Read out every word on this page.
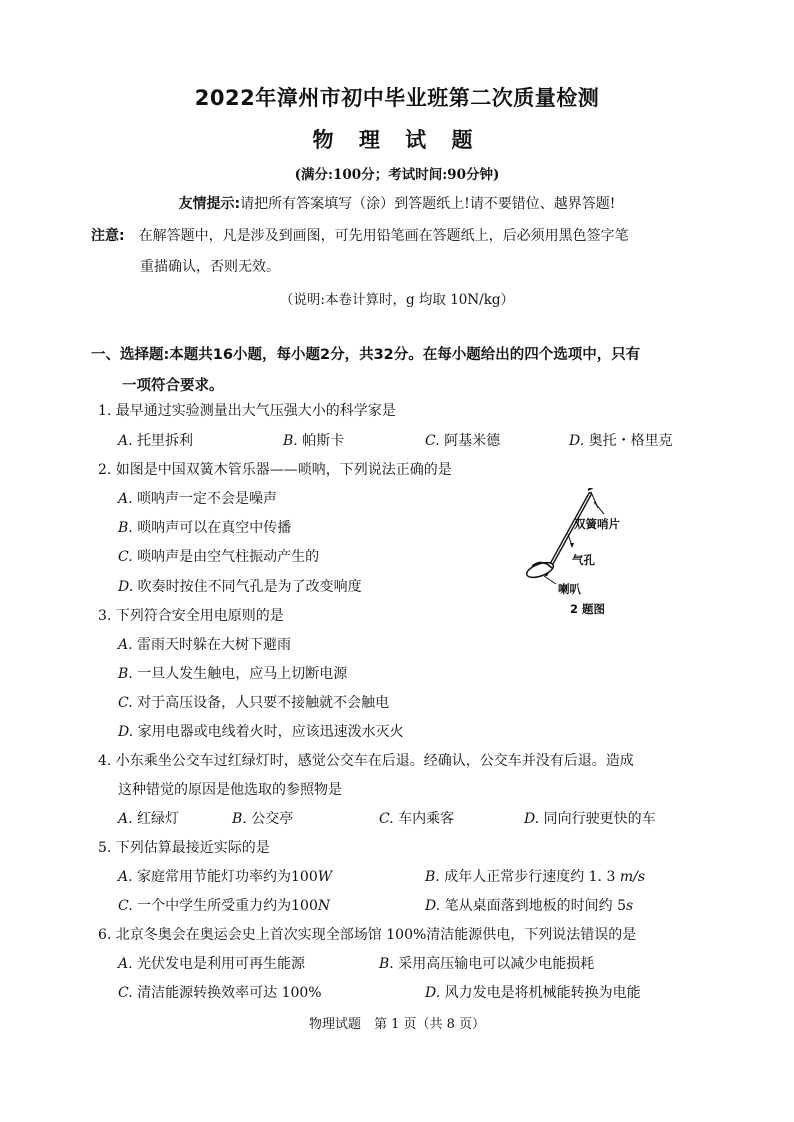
2022年漳州市初中毕业班第二次质量检测
物 理 试 题
(满分:100分；考试时间:90分钟)
友情提示:请把所有答案填写（涂）到答题纸上!请不要错位、越界答题!
注意: 在解答题中，凡是涉及到画图，可先用铅笔画在答题纸上，后必须用黑色签字笔
重描确认，否则无效。
（说明:本卷计算时，g 均取 10N/kg）
一、选择题:本题共16小题，每小题2分，共32分。在每小题给出的四个选项中，只有
一项符合要求。
1. 最早通过实验测量出大气压强大小的科学家是
A. 托里拆利	B. 帕斯卡	C. 阿基米德	D. 奥托・格里克
2. 如图是中国双簧木管乐器——唢呐，下列说法正确的是
A. 唢呐声一定不会是噪声
B. 唢呐声可以在真空中传播
C. 唢呐声是由空气柱振动产生的
D. 吹奏时按住不同气孔是为了改变响度
双簧哨片
气孔
喇叭
2 题图
3. 下列符合安全用电原则的是
A. 雷雨天时躲在大树下避雨
B. 一旦人发生触电，应马上切断电源
C. 对于高压设备，人只要不接触就不会触电
D. 家用电器或电线着火时，应该迅速泼水灭火
4. 小东乘坐公交车过红绿灯时，感觉公交车在后退。经确认，公交车并没有后退。造成
这种错觉的原因是他选取的参照物是
A. 红绿灯	B. 公交亭	C. 车内乘客	D. 同向行驶更快的车
5. 下列估算最接近实际的是
A. 家庭常用节能灯功率约为100W	B. 成年人正常步行速度约 1. 3 m/s
C. 一个中学生所受重力约为100N	D. 笔从桌面落到地板的时间约 5s
6. 北京冬奥会在奥运会史上首次实现全部场馆 100%清洁能源供电，下列说法错误的是
A. 光伏发电是利用可再生能源	B. 采用高压输电可以减少电能损耗
C. 清洁能源转换效率可达 100%	D. 风力发电是将机械能转换为电能
物理试题　第 1 页（共 8 页）
